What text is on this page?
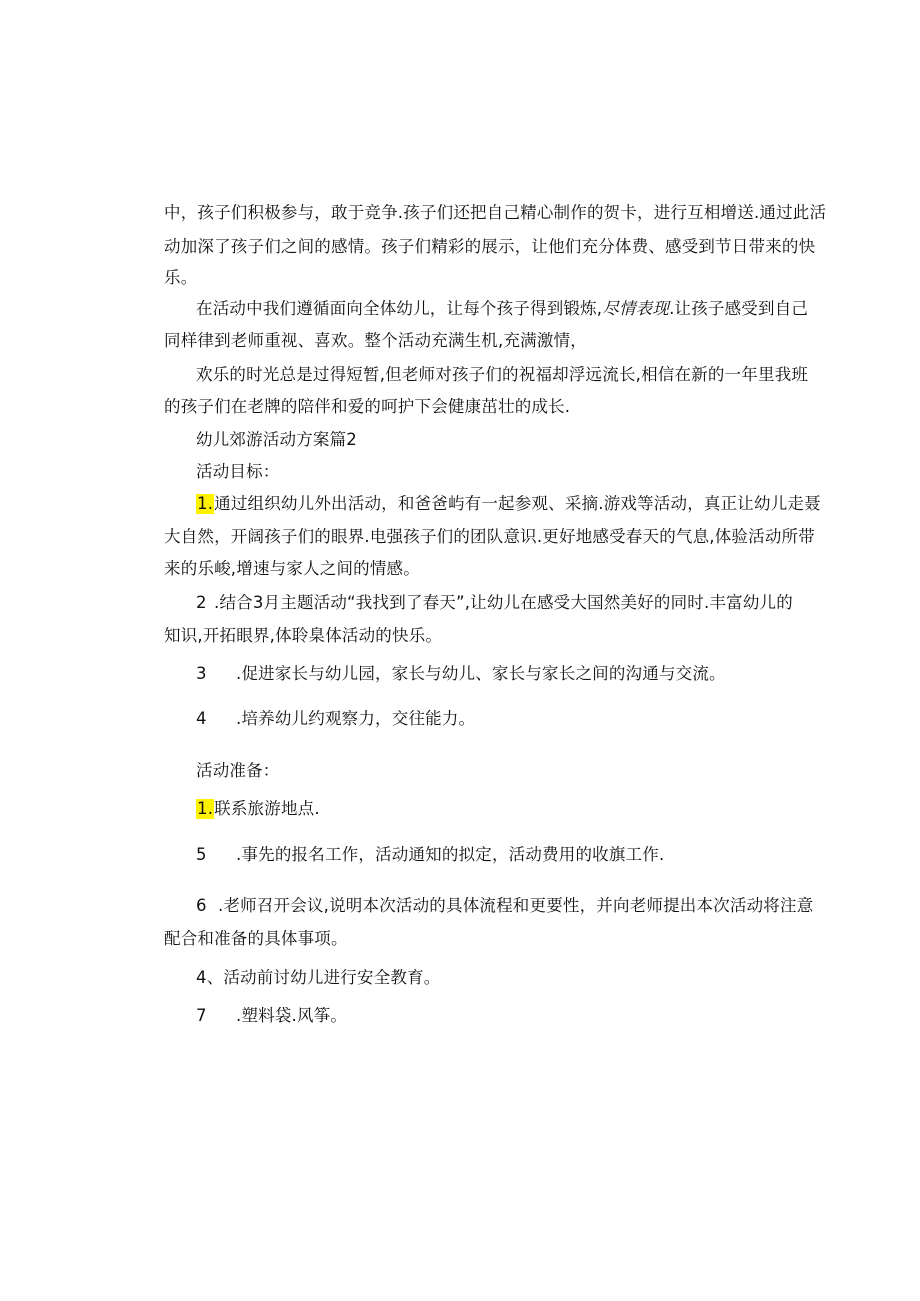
中，孩子们积极参与，敢于竞争.孩子们还把自己精心制作的贺卡，进行互相增送.通过此活
动加深了孩子们之间的感情。孩子们精彩的展示，让他们充分体费、感受到节日带来的快
乐。
在活动中我们遵循面向全体幼儿，让每个孩子得到锻炼,尽情表现.让孩子感受到自己
同样律到老师重视、喜欢。整个活动充满生机,充满激情，
欢乐的时光总是过得短暂,但老师对孩子们的祝福却浮远流长,相信在新的一年里我班
的孩子们在老牌的陪伴和爱的呵护下会健康茁壮的成长.
幼儿郊游活动方案篇2
活动目标：
1.通过组织幼儿外出活动，和爸爸屿有一起参观、采摘.游戏等活动，真正让幼儿走聂
大自然，开阔孩子们的眼界.电强孩子们的团队意识.更好地感受春天的气息,体验活动所带
来的乐峻,增速与家人之间的情感。
2 .结合3月主题活动“我找到了春天”,让幼儿在感受大国然美好的同时.丰富幼儿的
知识,开拓眼界,体聆臬体活动的快乐。
3 .促进家长与幼儿园，家长与幼儿、家长与家长之间的沟通与交流。
4 .培养幼儿约观察力，交往能力。
活动准备：
1.联系旅游地点.
5 .事先的报名工作，活动通知的拟定，活动费用的收旗工作.
6 .老师召开会议,说明本次活动的具体流程和更要性，并向老师提出本次活动将注意
配合和准备的具体事项。
4、活动前讨幼儿进行安全教育。
7 .塑料袋.风筝。
